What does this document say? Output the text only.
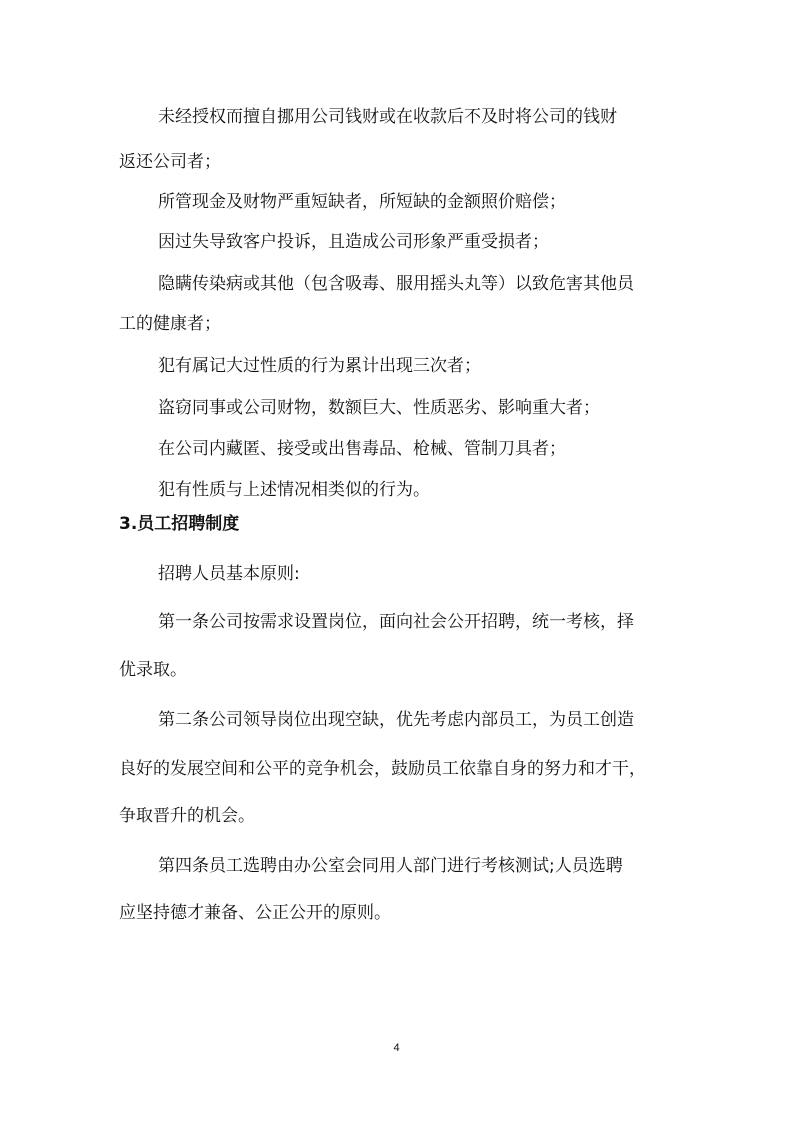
未经授权而擅自挪用公司钱财或在收款后不及时将公司的钱财

返还公司者；

所管现金及财物严重短缺者，所短缺的金额照价赔偿；

因过失导致客户投诉，且造成公司形象严重受损者；

隐瞒传染病或其他（包含吸毒、服用摇头丸等）以致危害其他员

工的健康者；

犯有属记大过性质的行为累计出现三次者；

盗窃同事或公司财物，数额巨大、性质恶劣、影响重大者；

在公司内藏匿、接受或出售毒品、枪械、管制刀具者；

犯有性质与上述情况相类似的行为。

3.员工招聘制度

招聘人员基本原则:

第一条公司按需求设置岗位，面向社会公开招聘，统一考核，择

优录取。

第二条公司领导岗位出现空缺，优先考虑内部员工，为员工创造

良好的发展空间和公平的竞争机会，鼓励员工依靠自身的努力和才干，

争取晋升的机会。

第四条员工选聘由办公室会同用人部门进行考核测试;人员选聘

应坚持德才兼备、公正公开的原则。

4
